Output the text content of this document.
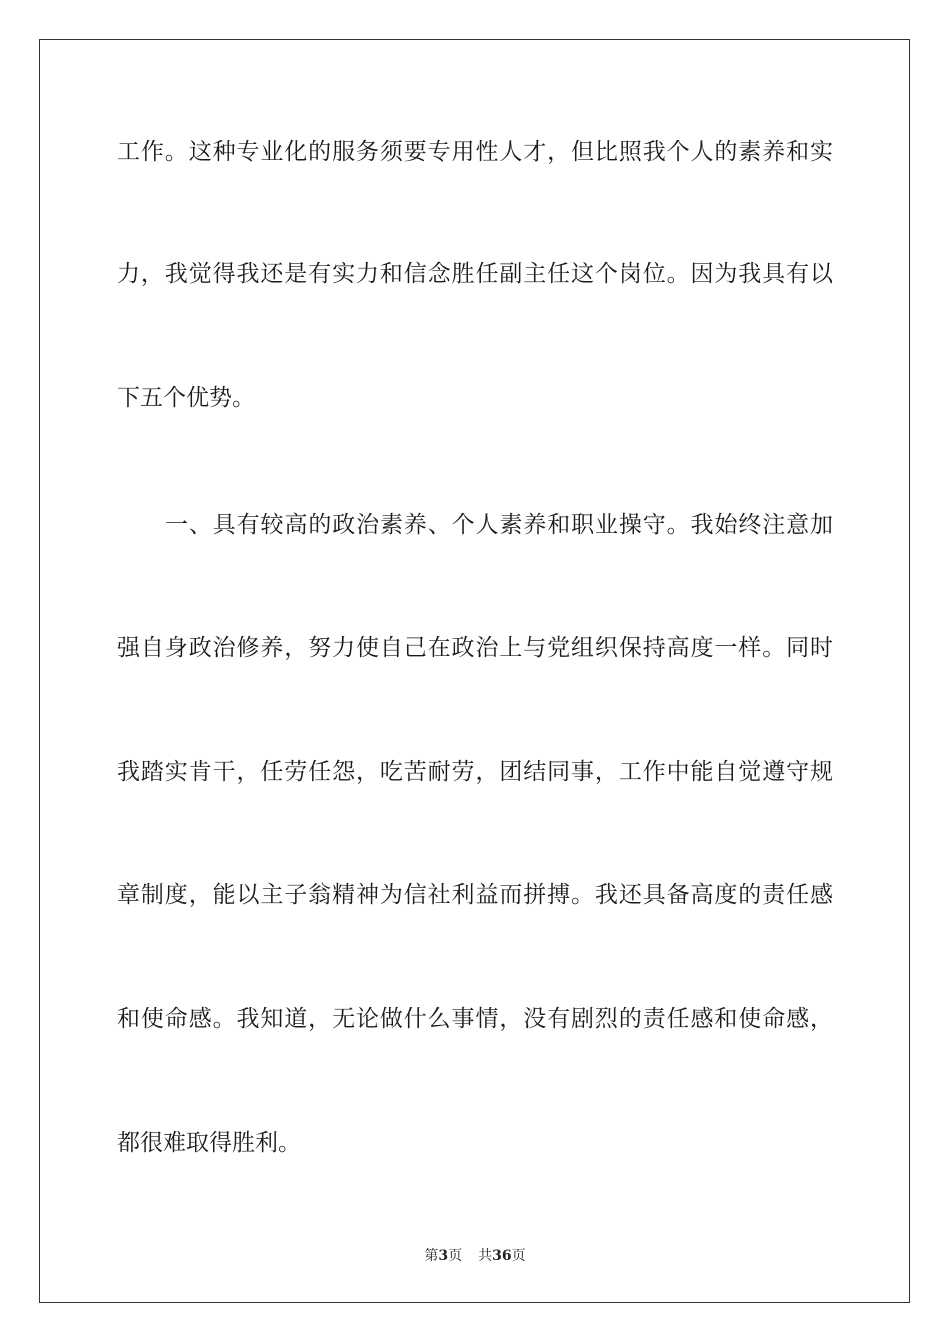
工作。这种专业化的服务须要专用性人才，但比照我个人的素养和实
力，我觉得我还是有实力和信念胜任副主任这个岗位。因为我具有以
下五个优势。
一、具有较高的政治素养、个人素养和职业操守。我始终注意加
强自身政治修养，努力使自己在政治上与党组织保持高度一样。同时
我踏实肯干，任劳任怨，吃苦耐劳，团结同事，工作中能自觉遵守规
章制度，能以主子翁精神为信社利益而拼搏。我还具备高度的责任感
和使命感。我知道，无论做什么事情，没有剧烈的责任感和使命感，
都很难取得胜利。
第3页 共36页
